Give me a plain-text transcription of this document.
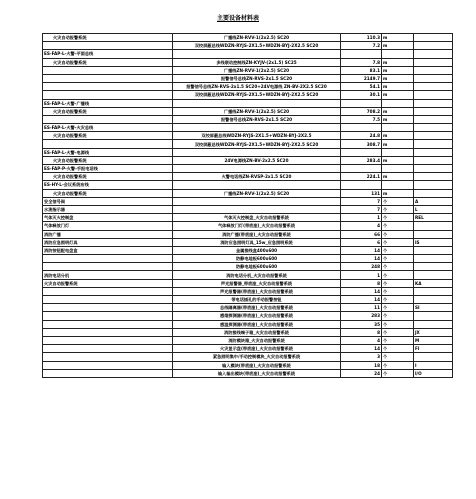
主要设备材料表
火灾自动报警系统	广播线ZN-RVV-1(2x2.5) SC20	110.3	m	
	双绞屏蔽总线WDZN-RYJS-2X1.5+WDZN-BYJ-2X2.5 SC20	7.2	m	
ES-FAP-L-火警-平面总线				
火灾自动报警系统	多线联动控制线ZN-KYJV-(2x1.5) SC25	7.8	m	
	广播线ZN-RVV-1(2x2.5) SC20	83.1	m	
	报警信号总线ZN-RVS-2x1.5 SC20	2149.7	m	
	报警信号总线ZN-RVS-2x1.5 SC20+24V电源线 ZN-BV-2X2.5 SC20	54.1	m	
	双绞屏蔽总线WDZN-RYJS-2X1.5+WDZN-BYJ-2X2.5 SC20	30.1	m	
ES-FAP-L-火警-广播线				
火灾自动报警系统	广播线ZN-RVV-1(2x2.5) SC20	708.2	m	
	报警信号总线ZN-RVS-2x1.5 SC20	7.5	m	
ES-FAP-L-火警-火灾总线				
火灾自动报警系统	双绞屏蔽总线WDZN-RYJS-2X1.5+WDZN-BYJ-2X2.5	24.8	m	
	双绞屏蔽总线WDZN-RYJS-2X1.5+WDZN-BYJ-2X2.5 SC20	308.7	m	
ES-FAP-L-火警-电源线				
火灾自动报警系统	24V电源线ZN-BV-2x2.5 SC20	283.4	m	
ES-FAP-P-火警-手报电话线				
火灾自动报警系统	火警电话线ZN-RVSP-2x1.5 SC20	224.1	m	
ES-HY-L-会议系统布线				
火灾自动报警系统	广播线ZN-RVV-1(2x2.5) SC20	131	m	
安全信号阀		7	个	A
水流指示器		7	个	L
气体灭火控制盘	气体灭火控制盘_火灾自动报警系统	1	个	REL
气体释放门灯	气体释放门灯(带底座)_火灾自动报警系统	4	个	
消防广播	消防广播(带底座)_火灾自动报警系统	66	个	
消防应急照明灯具	消防应急照明灯具_15w_应急照明系统	6	个	IS
消防按钮配电盘盒	金属接线盒400x600	14	个	
	防静电地板600x600	14	个	
	防静电地板600x600	248	个	
消防电话分机	消防电话分机_火灾自动报警系统	1	个	
火灾自动报警系统	声光报警器_带底座_火灾自动报警系统	8	个	KA
	声光报警器(带底座)_火灾自动报警系统	14	个	
	带电话插孔的手动报警按钮	14	个	
	总线隔离器(带底座)_火灾自动报警系统	11	个	SI
	感烟探测器(带底座)_火灾自动报警系统	283	个	
	感温探测器(带底座)_火灾自动报警系统	35	个	
	消防接线端子箱_火灾自动报警系统	8	个	JX
	消防模块箱_火灾自动报警系统	4	个	M
	火灾显示盘(带底座)_火灾自动报警系统	14	个	FI
	紧急照明集中/手动控制模块_火灾自动报警系统	3	个	
	输入模块(带底座)_火灾自动报警系统	18	个	I
	输入输出模块(带底座)_火灾自动报警系统	24	个	I/O
